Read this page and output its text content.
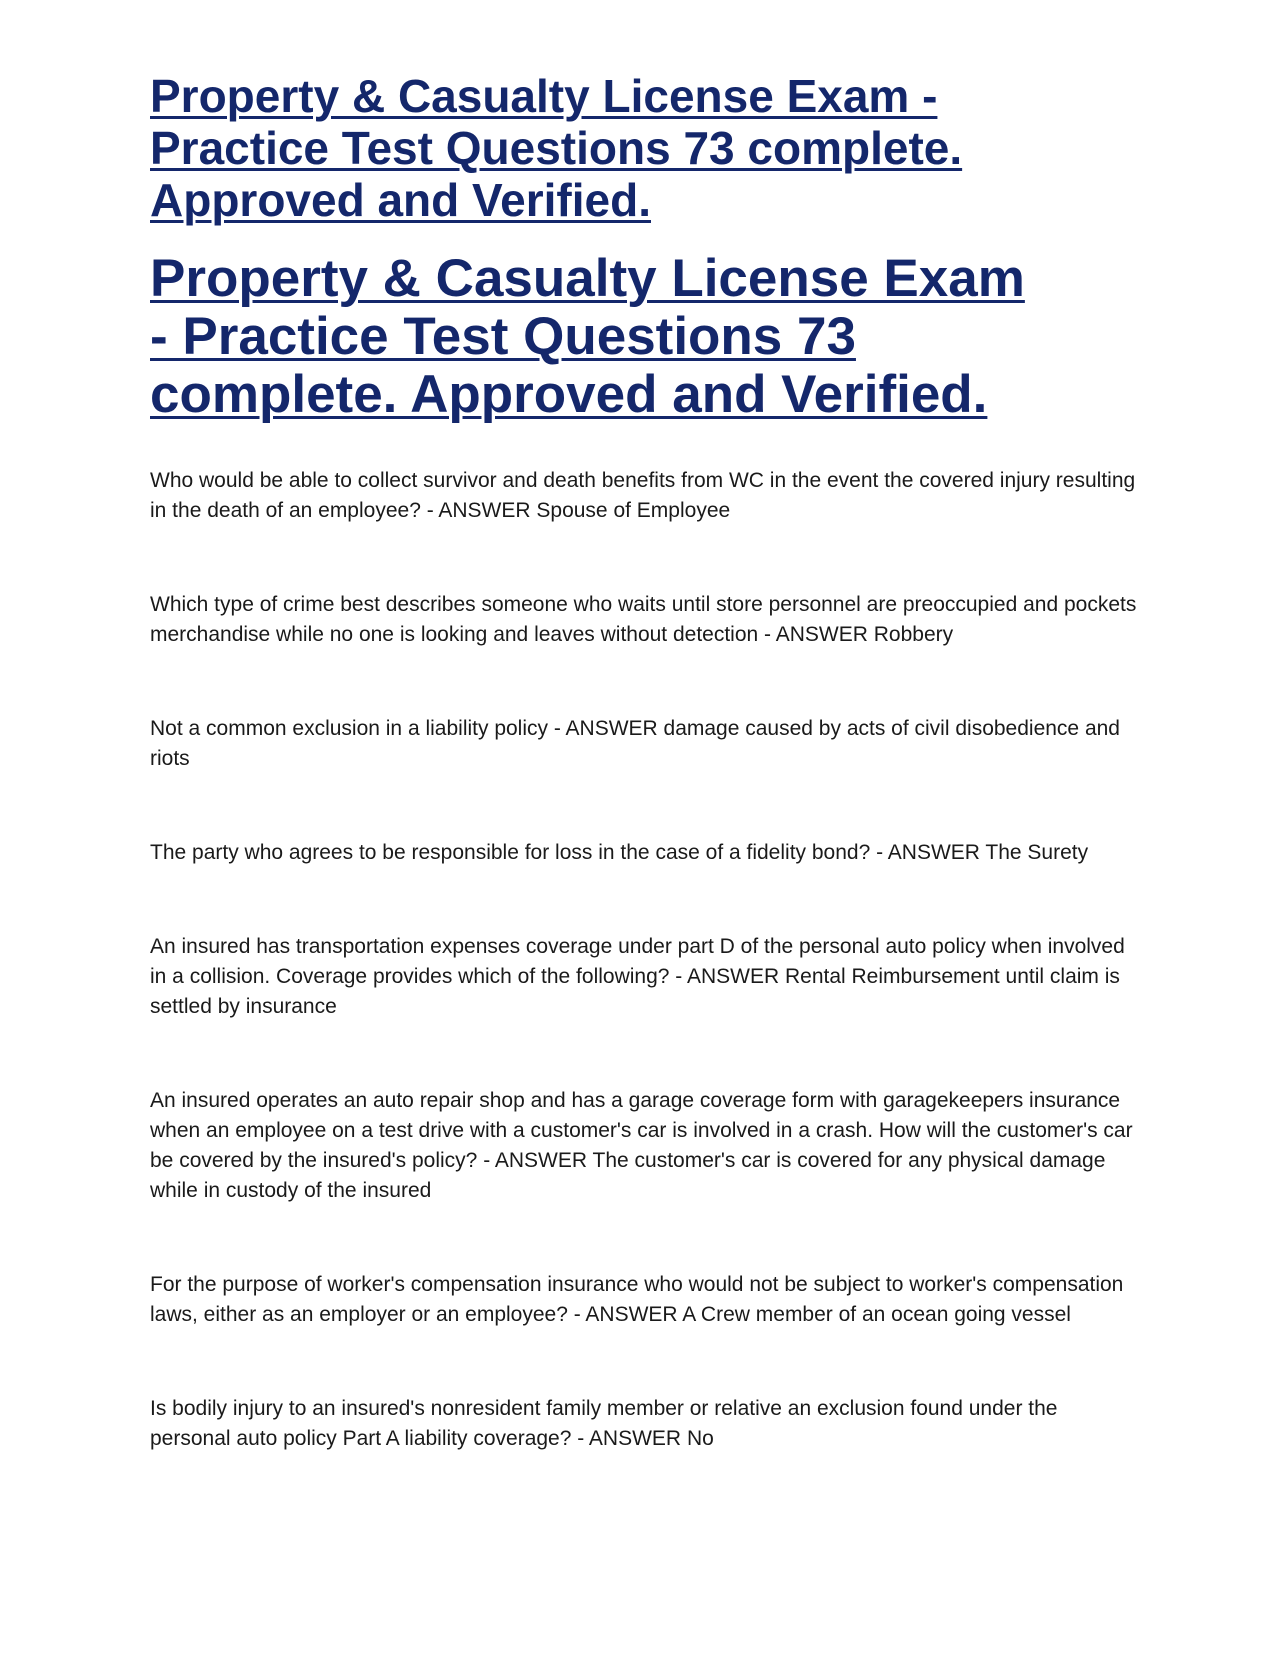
Property & Casualty License Exam - Practice Test Questions 73 complete. Approved and Verified.
Property & Casualty License Exam - Practice Test Questions 73 complete. Approved and Verified.

Who would be able to collect survivor and death benefits from WC in the event the covered injury resulting in the death of an employee? - ANSWER Spouse of Employee

Which type of crime best describes someone who waits until store personnel are preoccupied and pockets merchandise while no one is looking and leaves without detection - ANSWER Robbery

Not a common exclusion in a liability policy - ANSWER damage caused by acts of civil disobedience and riots

The party who agrees to be responsible for loss in the case of a fidelity bond? - ANSWER The Surety

An insured has transportation expenses coverage under part D of the personal auto policy when involved in a collision. Coverage provides which of the following? - ANSWER Rental Reimbursement until claim is settled by insurance

An insured operates an auto repair shop and has a garage coverage form with garagekeepers insurance when an employee on a test drive with a customer's car is involved in a crash. How will the customer's car be covered by the insured's policy? - ANSWER The customer's car is covered for any physical damage while in custody of the insured

For the purpose of worker's compensation insurance who would not be subject to worker's compensation laws, either as an employer or an employee? - ANSWER A Crew member of an ocean going vessel

Is bodily injury to an insured's nonresident family member or relative an exclusion found under the personal auto policy Part A liability coverage? - ANSWER No
